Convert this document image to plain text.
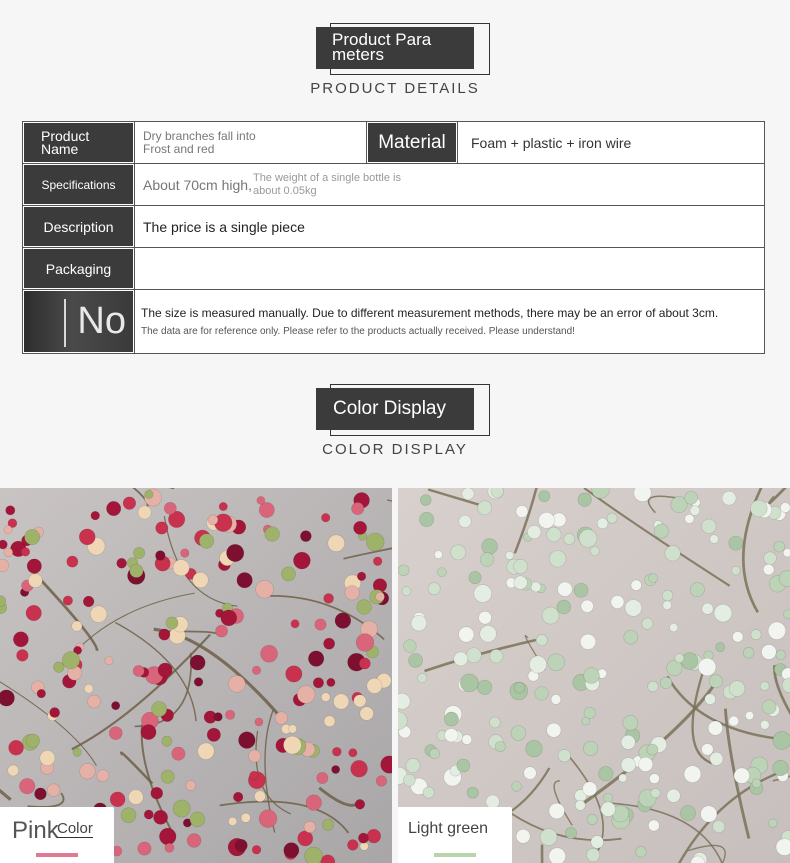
Product Parameters
PRODUCT DETAILS
Product Name	Dry branches fall into Frost and red	Material	Foam + plastic + iron wire

Specifications	About 70cm high, The weight of a single bottle is about 0.05kg		

Description	The price is a single piece		

Packaging			

No	The size is measured manually. Due to different measurement methods, there may be an error of about 3cm.
The data are for reference only. Please refer to the products actually received. Please understand!		
Color Display
COLOR DISPLAY
Pink
Color	Light green
